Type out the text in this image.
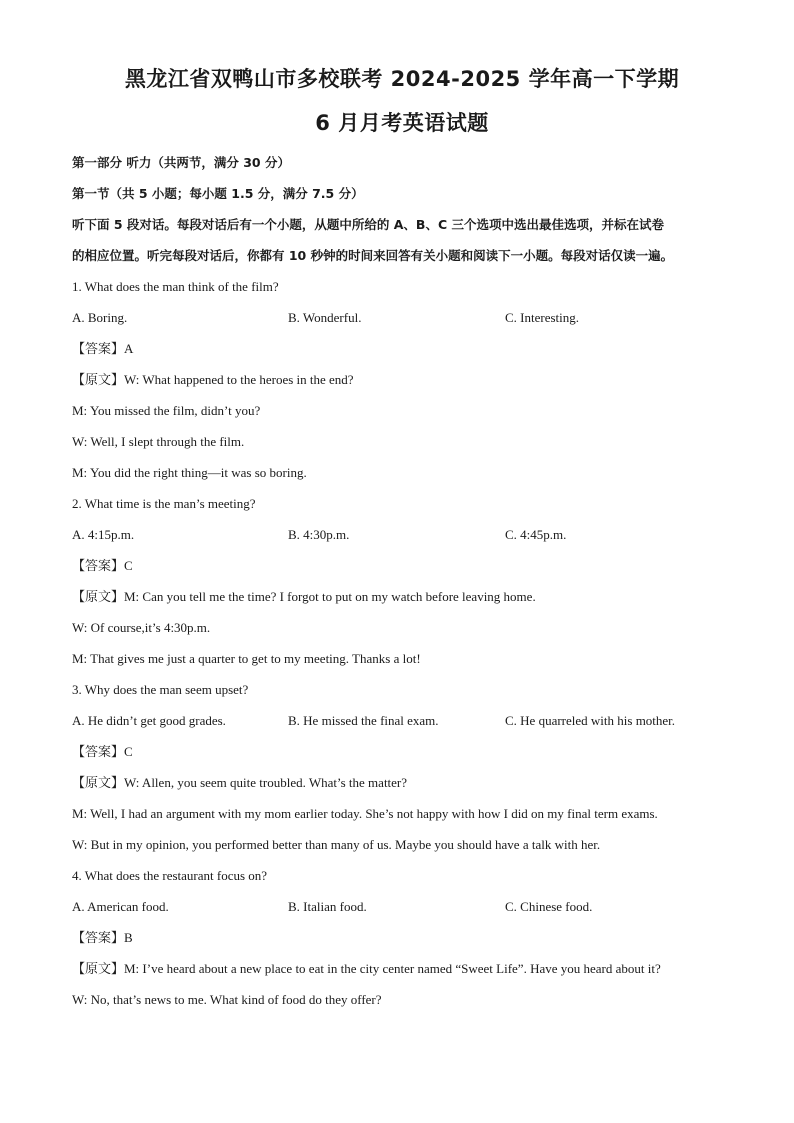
黑龙江省双鸭山市多校联考 2024-2025 学年高一下学期

6 月月考英语试题

第一部分 听力（共两节，满分 30 分）

第一节（共 5 小题；每小题 1.5 分，满分 7.5 分）

听下面 5 段对话。每段对话后有一个小题，从题中所给的 A、B、C 三个选项中选出最佳选项，并标在试卷

的相应位置。听完每段对话后，你都有 10 秒钟的时间来回答有关小题和阅读下一小题。每段对话仅读一遍。

1. What does the man think of the film?

A. Boring.	B. Wonderful.	C. Interesting.

【答案】A

【原文】W: What happened to the heroes in the end?

M: You missed the film, didn’t you?

W: Well, I slept through the film.

M: You did the right thing—it was so boring.

2. What time is the man’s meeting?

A. 4:15p.m.	B. 4:30p.m.	C. 4:45p.m.

【答案】C

【原文】M: Can you tell me the time? I forgot to put on my watch before leaving home.

W: Of course,it’s 4:30p.m.

M: That gives me just a quarter to get to my meeting. Thanks a lot!

3. Why does the man seem upset?

A. He didn’t get good grades.	B. He missed the final exam.	C. He quarreled with his mother.

【答案】C

【原文】W: Allen, you seem quite troubled. What’s the matter?

M: Well, I had an argument with my mom earlier today. She’s not happy with how I did on my final term exams.

W: But in my opinion, you performed better than many of us. Maybe you should have a talk with her.

4. What does the restaurant focus on?

A. American food.	B. Italian food.	C. Chinese food.

【答案】B

【原文】M: I’ve heard about a new place to eat in the city center named “Sweet Life”. Have you heard about it?

W: No, that’s news to me. What kind of food do they offer?
